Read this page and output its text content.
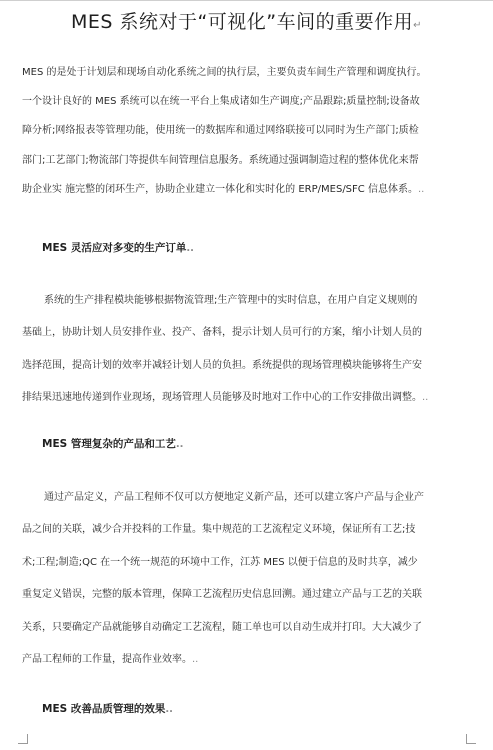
MES 系统对于“可视化”车间的重要作用↵

MES 的是处于计划层和现场自动化系统之间的执行层，主要负责车间生产管理和调度执行。
一个设计良好的 MES 系统可以在统一平台上集成诸如生产调度;产品跟踪;质量控制;设备故
障分析;网络报表等管理功能，使用统一的数据库和通过网络联接可以同时为生产部门;质检
部门;工艺部门;物流部门等提供车间管理信息服务。系统通过强调制造过程的整体优化来帮
助企业实 施完整的闭环生产，协助企业建立一体化和实时化的 ERP/MES/SFC 信息体系。..

MES 灵活应对多变的生产订单..

系统的生产排程模块能够根据物流管理;生产管理中的实时信息，在用户自定义规则的
基础上，协助计划人员安排作业、投产、备料，提示计划人员可行的方案，缩小计划人员的
选择范围，提高计划的效率并减轻计划人员的负担。系统提供的现场管理模块能够将生产安
排结果迅速地传递到作业现场，现场管理人员能够及时地对工作中心的工作安排做出调整。..

MES 管理复杂的产品和工艺..

通过产品定义，产品工程师不仅可以方便地定义新产品，还可以建立客户产品与企业产
品之间的关联，减少合并投料的工作量。集中规范的工艺流程定义环境，保证所有工艺;技
术;工程;制造;QC 在一个统一规范的环境中工作，江苏 MES 以便于信息的及时共享，减少
重复定义错误，完整的版本管理，保障工艺流程历史信息回溯。通过建立产品与工艺的关联
关系，只要确定产品就能够自动确定工艺流程，随工单也可以自动生成并打印。大大减少了
产品工程师的工作量，提高作业效率。..

MES 改善品质管理的效果..
